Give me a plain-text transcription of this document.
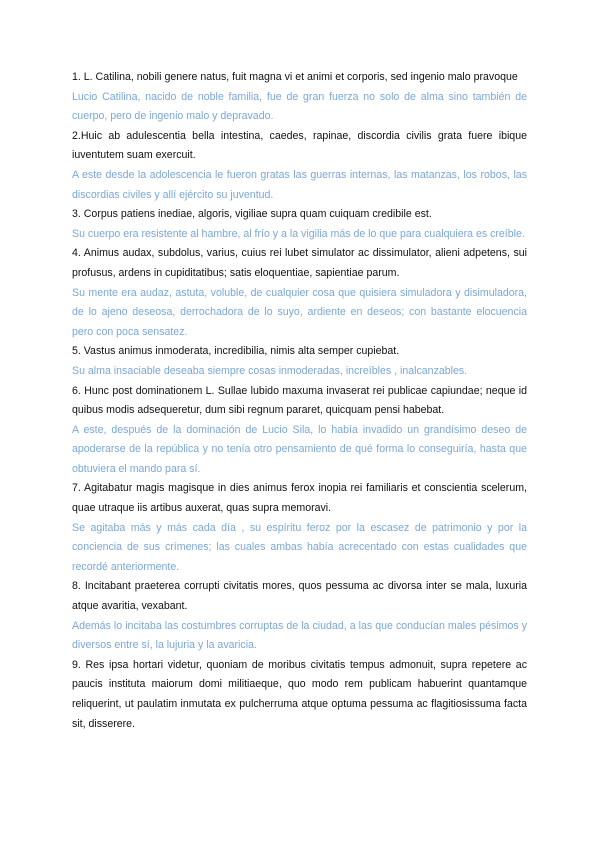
1. L. Catilina, nobili genere natus, fuit magna vi et animi et corporis, sed ingenio malo pravoque

Lucio Catilina, nacido de noble familia, fue de gran fuerza no solo de alma sino también de cuerpo, pero de ingenio malo y depravado.

2.Huic ab adulescentia bella intestina, caedes, rapinae, discordia civilis grata fuere ibique iuventutem suam exercuit.

A este desde la adolescencia le fueron gratas las guerras internas, las matanzas, los robos, las discordias civiles y allí ejército su juventud.

3. Corpus patiens inediae, algoris, vigiliae supra quam cuiquam credibile est.

Su cuerpo era resistente al hambre, al frío y a la vigilia más de lo que para cualquiera es creíble.

4. Animus audax, subdolus, varius, cuius rei lubet simulator ac dissimulator, alieni adpetens, sui profusus, ardens in cupiditatibus; satis eloquentiae, sapientiae parum.

Su mente era audaz, astuta, voluble, de cualquier cosa que quisiera simuladora y disimuladora, de lo ajeno deseosa, derrochadora de lo suyo, ardiente en deseos; con bastante elocuencia pero con poca sensatez.

5. Vastus animus inmoderata, incredibilia, nimis alta semper cupiebat.

Su alma insaciable deseaba siempre cosas inmoderadas, increíbles , inalcanzables.

6. Hunc post dominationem L. Sullae lubido maxuma invaserat rei publicae capiundae; neque id quibus modis adsequeretur, dum sibi regnum pararet, quicquam pensi habebat.

A este, después de la dominación de Lucio Sila, lo había invadido un grandísimo deseo de apoderarse de la república y no tenía otro pensamiento de qué forma lo conseguiría, hasta que obtuviera el mando para sí.

7. Agitabatur magis magisque in dies animus ferox inopia rei familiaris et conscientia scelerum, quae utraque iis artibus auxerat, quas supra memoravi.

Se agitaba más y más cada día , su espíritu feroz por la escasez de patrimonio y por la conciencia de sus crímenes; las cuales ambas había acrecentado con estas cualidades que recordé anteriormente.

8. Incitabant praeterea corrupti civitatis mores, quos pessuma ac divorsa inter se mala, luxuria atque avaritia, vexabant.

Además lo incitaba las costumbres corruptas de la ciudad, a las que conducían males pésimos y diversos entre sí, la lujuria y la avaricia.

9. Res ipsa hortari videtur, quoniam de moribus civitatis tempus admonuit, supra repetere ac paucis instituta maiorum domi militiaeque, quo modo rem publicam habuerint quantamque reliquerint, ut paulatim inmutata ex pulcherruma atque optuma pessuma ac flagitiosissuma facta sit, disserere.
